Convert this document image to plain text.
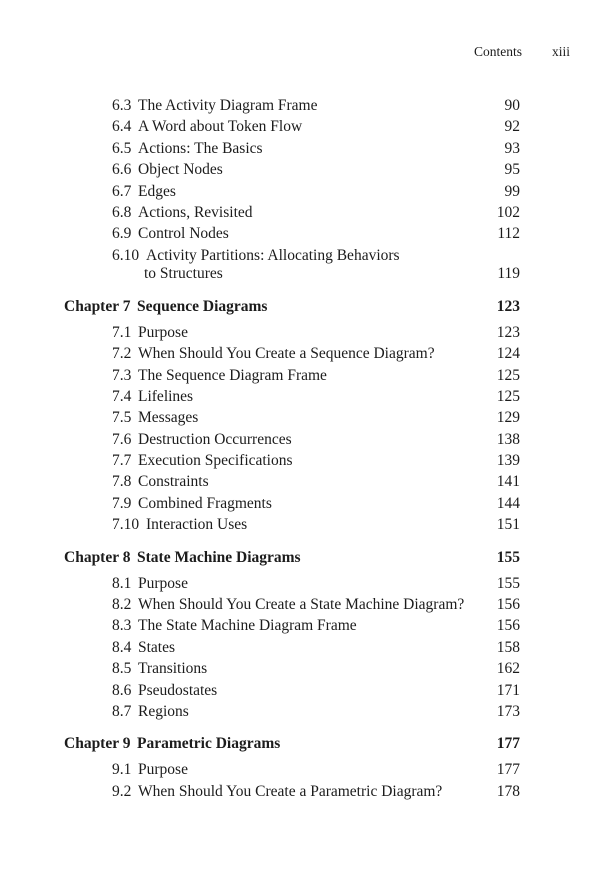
Contents xiii
6.3 The Activity Diagram Frame	90
6.4 A Word about Token Flow	92
6.5 Actions: The Basics	93
6.6 Object Nodes	95
6.7 Edges	99
6.8 Actions, Revisited	102
6.9 Control Nodes	112
6.10 Activity Partitions: Allocating Behaviors
to Structures	119
Chapter 7 Sequence Diagrams	123
7.1 Purpose	123
7.2 When Should You Create a Sequence Diagram?	124
7.3 The Sequence Diagram Frame	125
7.4 Lifelines	125
7.5 Messages	129
7.6 Destruction Occurrences	138
7.7 Execution Specifications	139
7.8 Constraints	141
7.9 Combined Fragments	144
7.10 Interaction Uses	151
Chapter 8 State Machine Diagrams	155
8.1 Purpose	155
8.2 When Should You Create a State Machine Diagram? 156
8.3 The State Machine Diagram Frame	156
8.4 States	158
8.5 Transitions	162
8.6 Pseudostates	171
8.7 Regions	173
Chapter 9 Parametric Diagrams	177
9.1 Purpose	177
9.2 When Should You Create a Parametric Diagram?	178
